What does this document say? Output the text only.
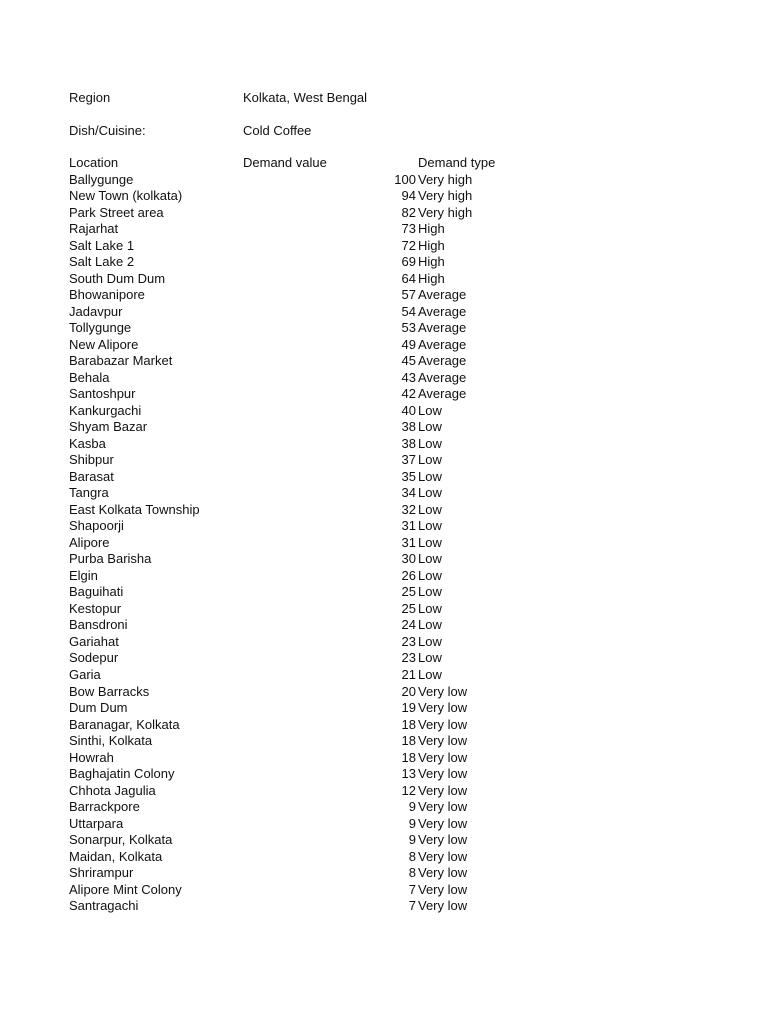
Region	Kolkata, West Bengal
Dish/Cuisine:	Cold Coffee
Location	Demand value	Demand type
Ballygunge	100 Very high
New Town (kolkata)	94 Very high
Park Street area	82 Very high
Rajarhat	73 High
Salt Lake 1	72 High
Salt Lake 2	69 High
South Dum Dum	64 High
Bhowanipore	57 Average
Jadavpur	54 Average
Tollygunge	53 Average
New Alipore	49 Average
Barabazar Market	45 Average
Behala	43 Average
Santoshpur	42 Average
Kankurgachi	40 Low
Shyam Bazar	38 Low
Kasba	38 Low
Shibpur	37 Low
Barasat	35 Low
Tangra	34 Low
East Kolkata Township	32 Low
Shapoorji	31 Low
Alipore	31 Low
Purba Barisha	30 Low
Elgin	26 Low
Baguihati	25 Low
Kestopur	25 Low
Bansdroni	24 Low
Gariahat	23 Low
Sodepur	23 Low
Garia	21 Low
Bow Barracks	20 Very low
Dum Dum	19 Very low
Baranagar, Kolkata	18 Very low
Sinthi, Kolkata	18 Very low
Howrah	18 Very low
Baghajatin Colony	13 Very low
Chhota Jagulia	12 Very low
Barrackpore	9 Very low
Uttarpara	9 Very low
Sonarpur, Kolkata	9 Very low
Maidan, Kolkata	8 Very low
Shrirampur	8 Very low
Alipore Mint Colony	7 Very low
Santragachi	7 Very low
